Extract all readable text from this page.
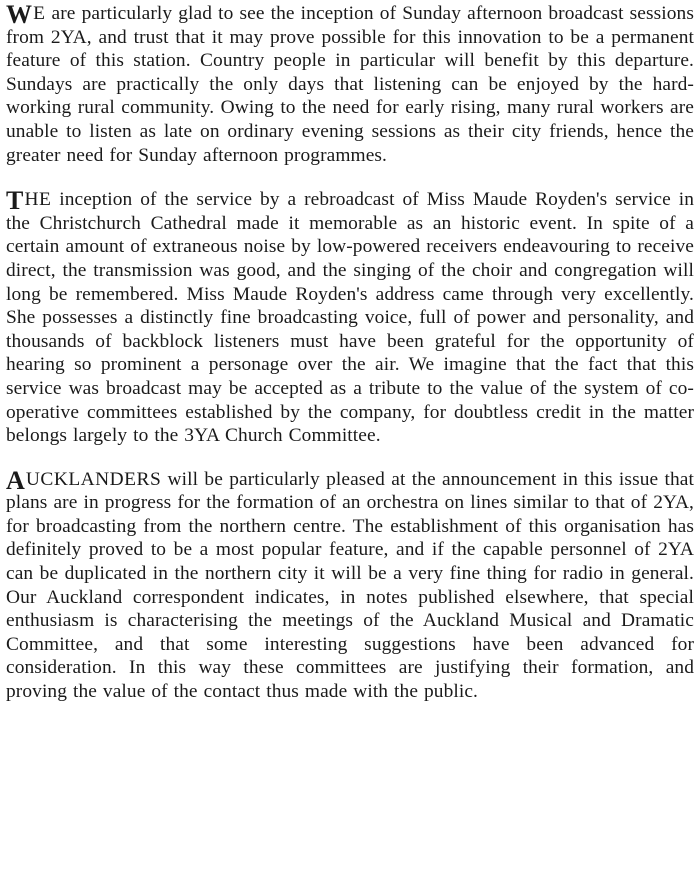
WE are particularly glad to see the inception of Sunday afternoon broadcast sessions from 2YA, and trust that it may prove possible for this innovation to be a permanent feature of this station. Country people in particular will benefit by this departure. Sundays are practically the only days that listening can be enjoyed by the hard-working rural community. Owing to the need for early rising, many rural workers are unable to listen as late on ordinary evening sessions as their city friends, hence the greater need for Sunday afternoon programmes.

THE inception of the service by a rebroadcast of Miss Maude Royden's service in the Christchurch Cathedral made it memorable as an historic event. In spite of a certain amount of extraneous noise by low-powered receivers endeavouring to receive direct, the transmission was good, and the singing of the choir and congregation will long be remembered. Miss Maude Royden's address came through very excellently. She possesses a distinctly fine broadcasting voice, full of power and personality, and thousands of backblock listeners must have been grateful for the opportunity of hearing so prominent a personage over the air. We imagine that the fact that this service was broadcast may be accepted as a tribute to the value of the system of co-operative committees established by the company, for doubtless credit in the matter belongs largely to the 3YA Church Committee.

AUCKLANDERS will be particularly pleased at the announcement in this issue that plans are in progress for the formation of an orchestra on lines similar to that of 2YA, for broadcasting from the northern centre. The establishment of this organisation has definitely proved to be a most popular feature, and if the capable personnel of 2YA can be duplicated in the northern city it will be a very fine thing for radio in general. Our Auckland correspondent indicates, in notes published elsewhere, that special enthusiasm is characterising the meetings of the Auckland Musical and Dramatic Committee, and that some interesting suggestions have been advanced for consideration. In this way these committees are justifying their formation, and proving the value of the contact thus made with the public.
